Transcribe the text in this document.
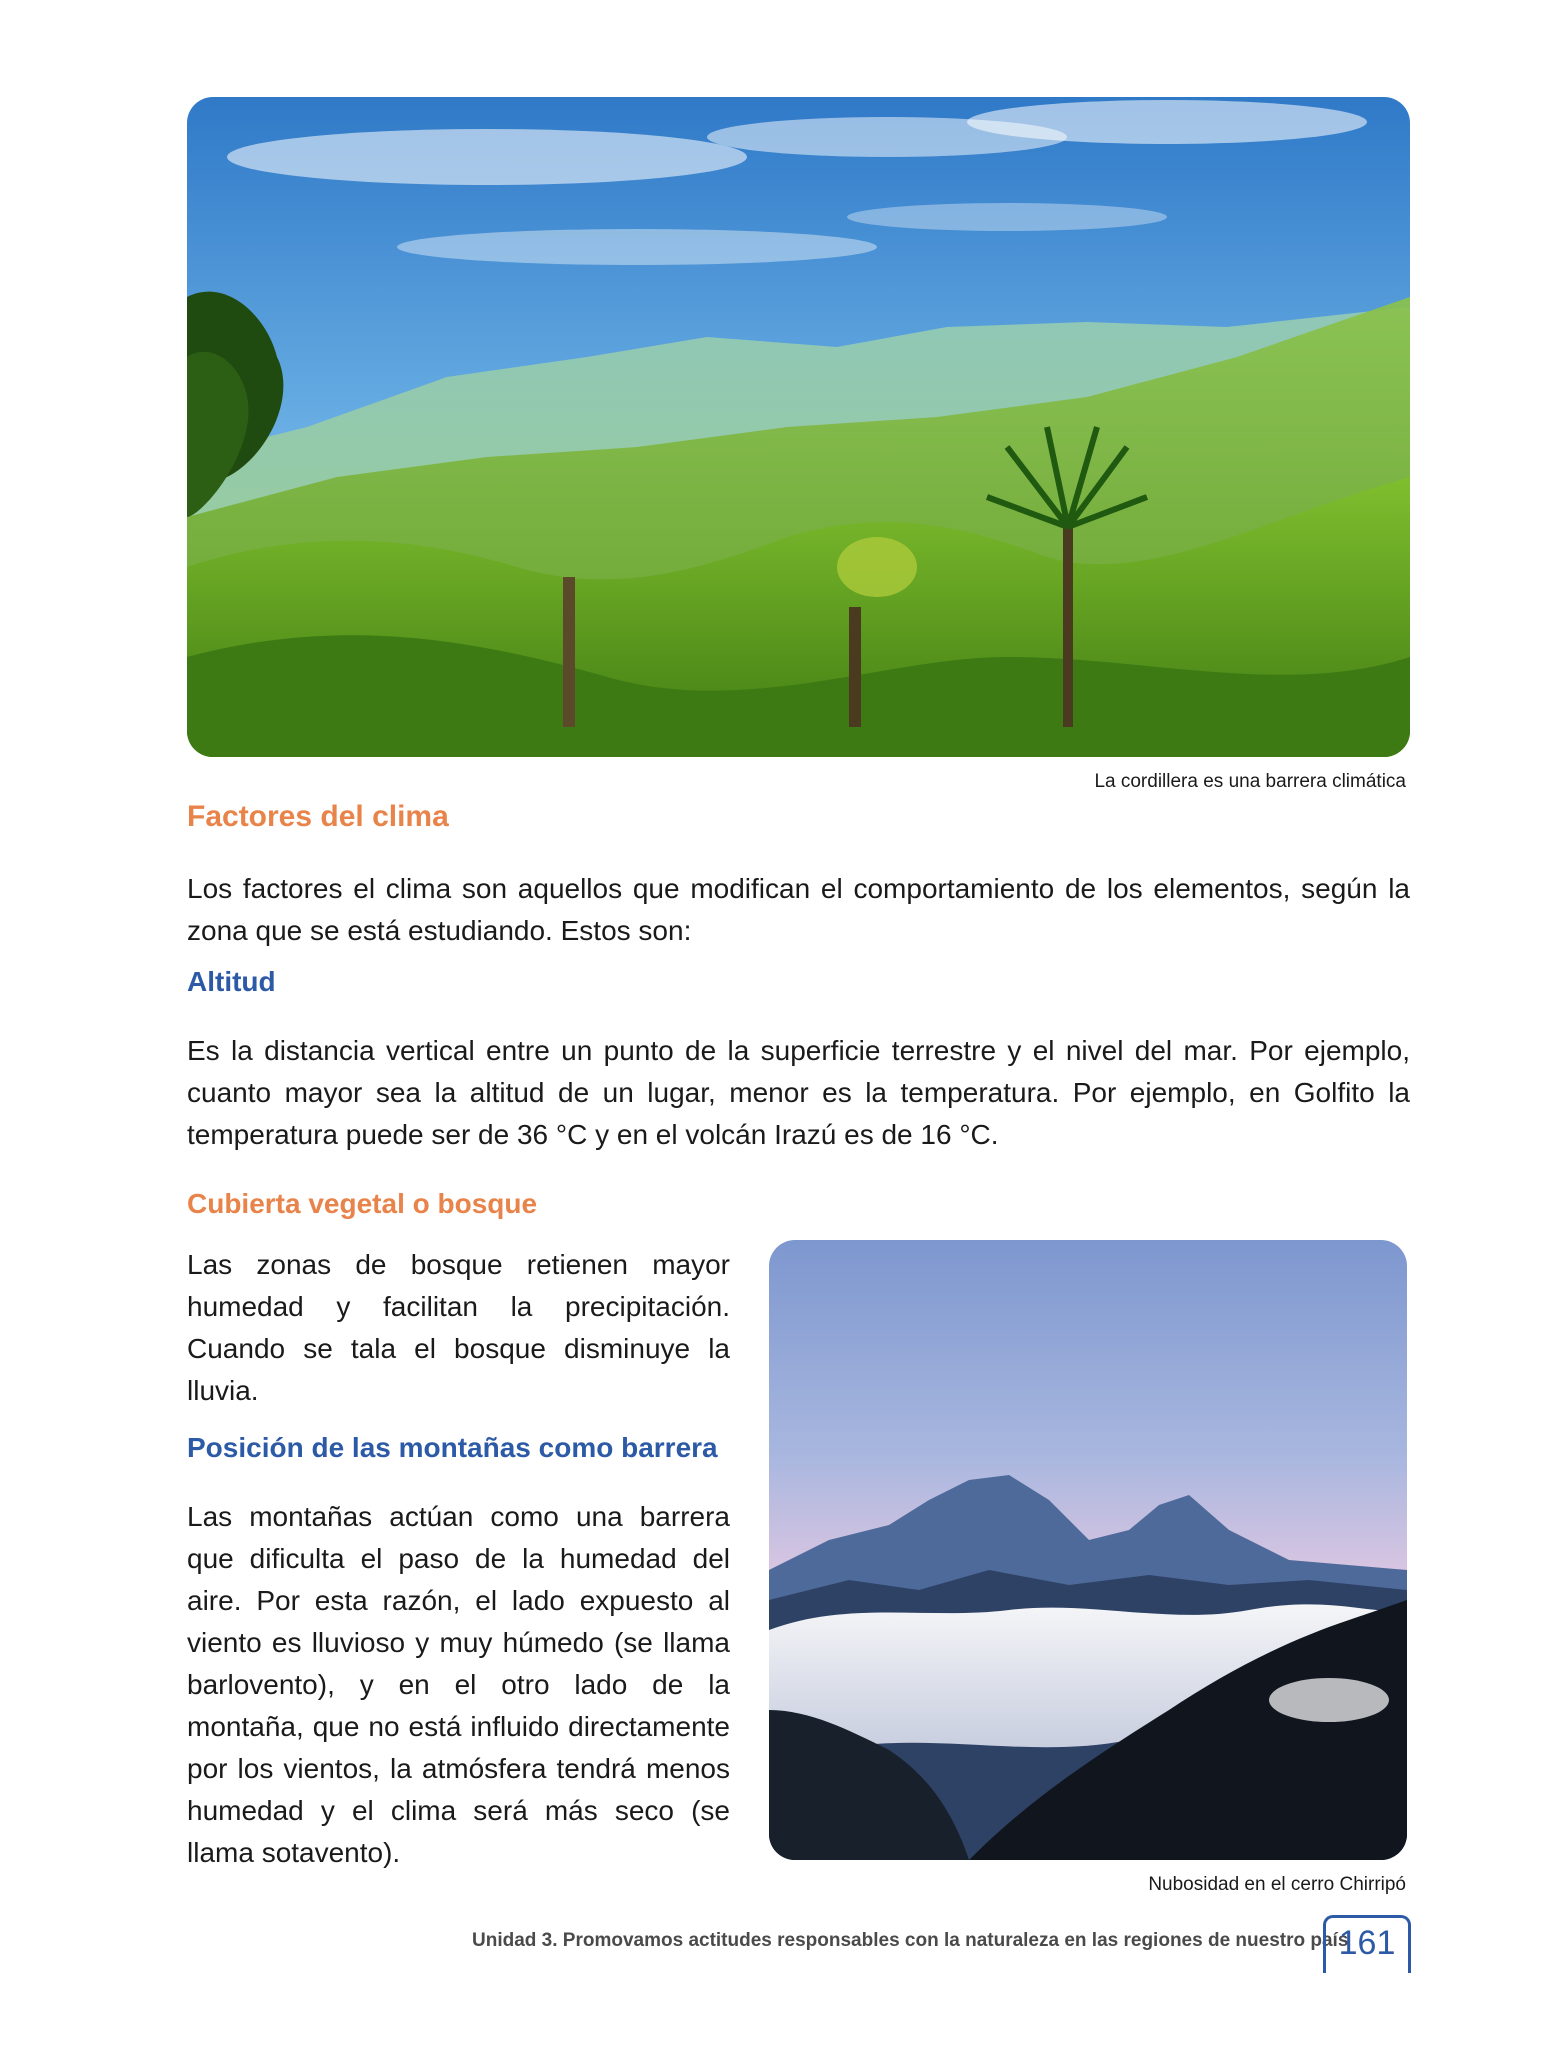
La cordillera es una barrera climática
Factores del clima

Los factores el clima son aquellos que modifican el comportamiento de los elementos, según la zona que se está estudiando. Estos son:

Altitud

Es la distancia vertical entre un punto de la superficie terrestre y el nivel del mar. Por ejemplo, cuanto mayor sea la altitud de un lugar, menor es la temperatura. Por ejemplo, en Golfito la temperatura puede ser de 36 °C y en el volcán Irazú es de 16 °C.

Cubierta vegetal o bosque

Las zonas de bosque retienen mayor humedad y facilitan la precipitación. Cuando se tala el bosque disminuye la lluvia.

Posición de las montañas como barrera

Las montañas actúan como una barrera que dificulta el paso de la humedad del aire. Por esta razón, el lado expuesto al viento es lluvioso y muy húmedo (se llama barlovento), y en el otro lado de la montaña, que no está influido directamente por los vientos, la atmósfera tendrá menos humedad y el clima será más seco (se llama sotavento).

Nubosidad en el cerro Chirripó
Unidad 3. Promovamos actitudes responsables con la naturaleza en las regiones de nuestro país
161
